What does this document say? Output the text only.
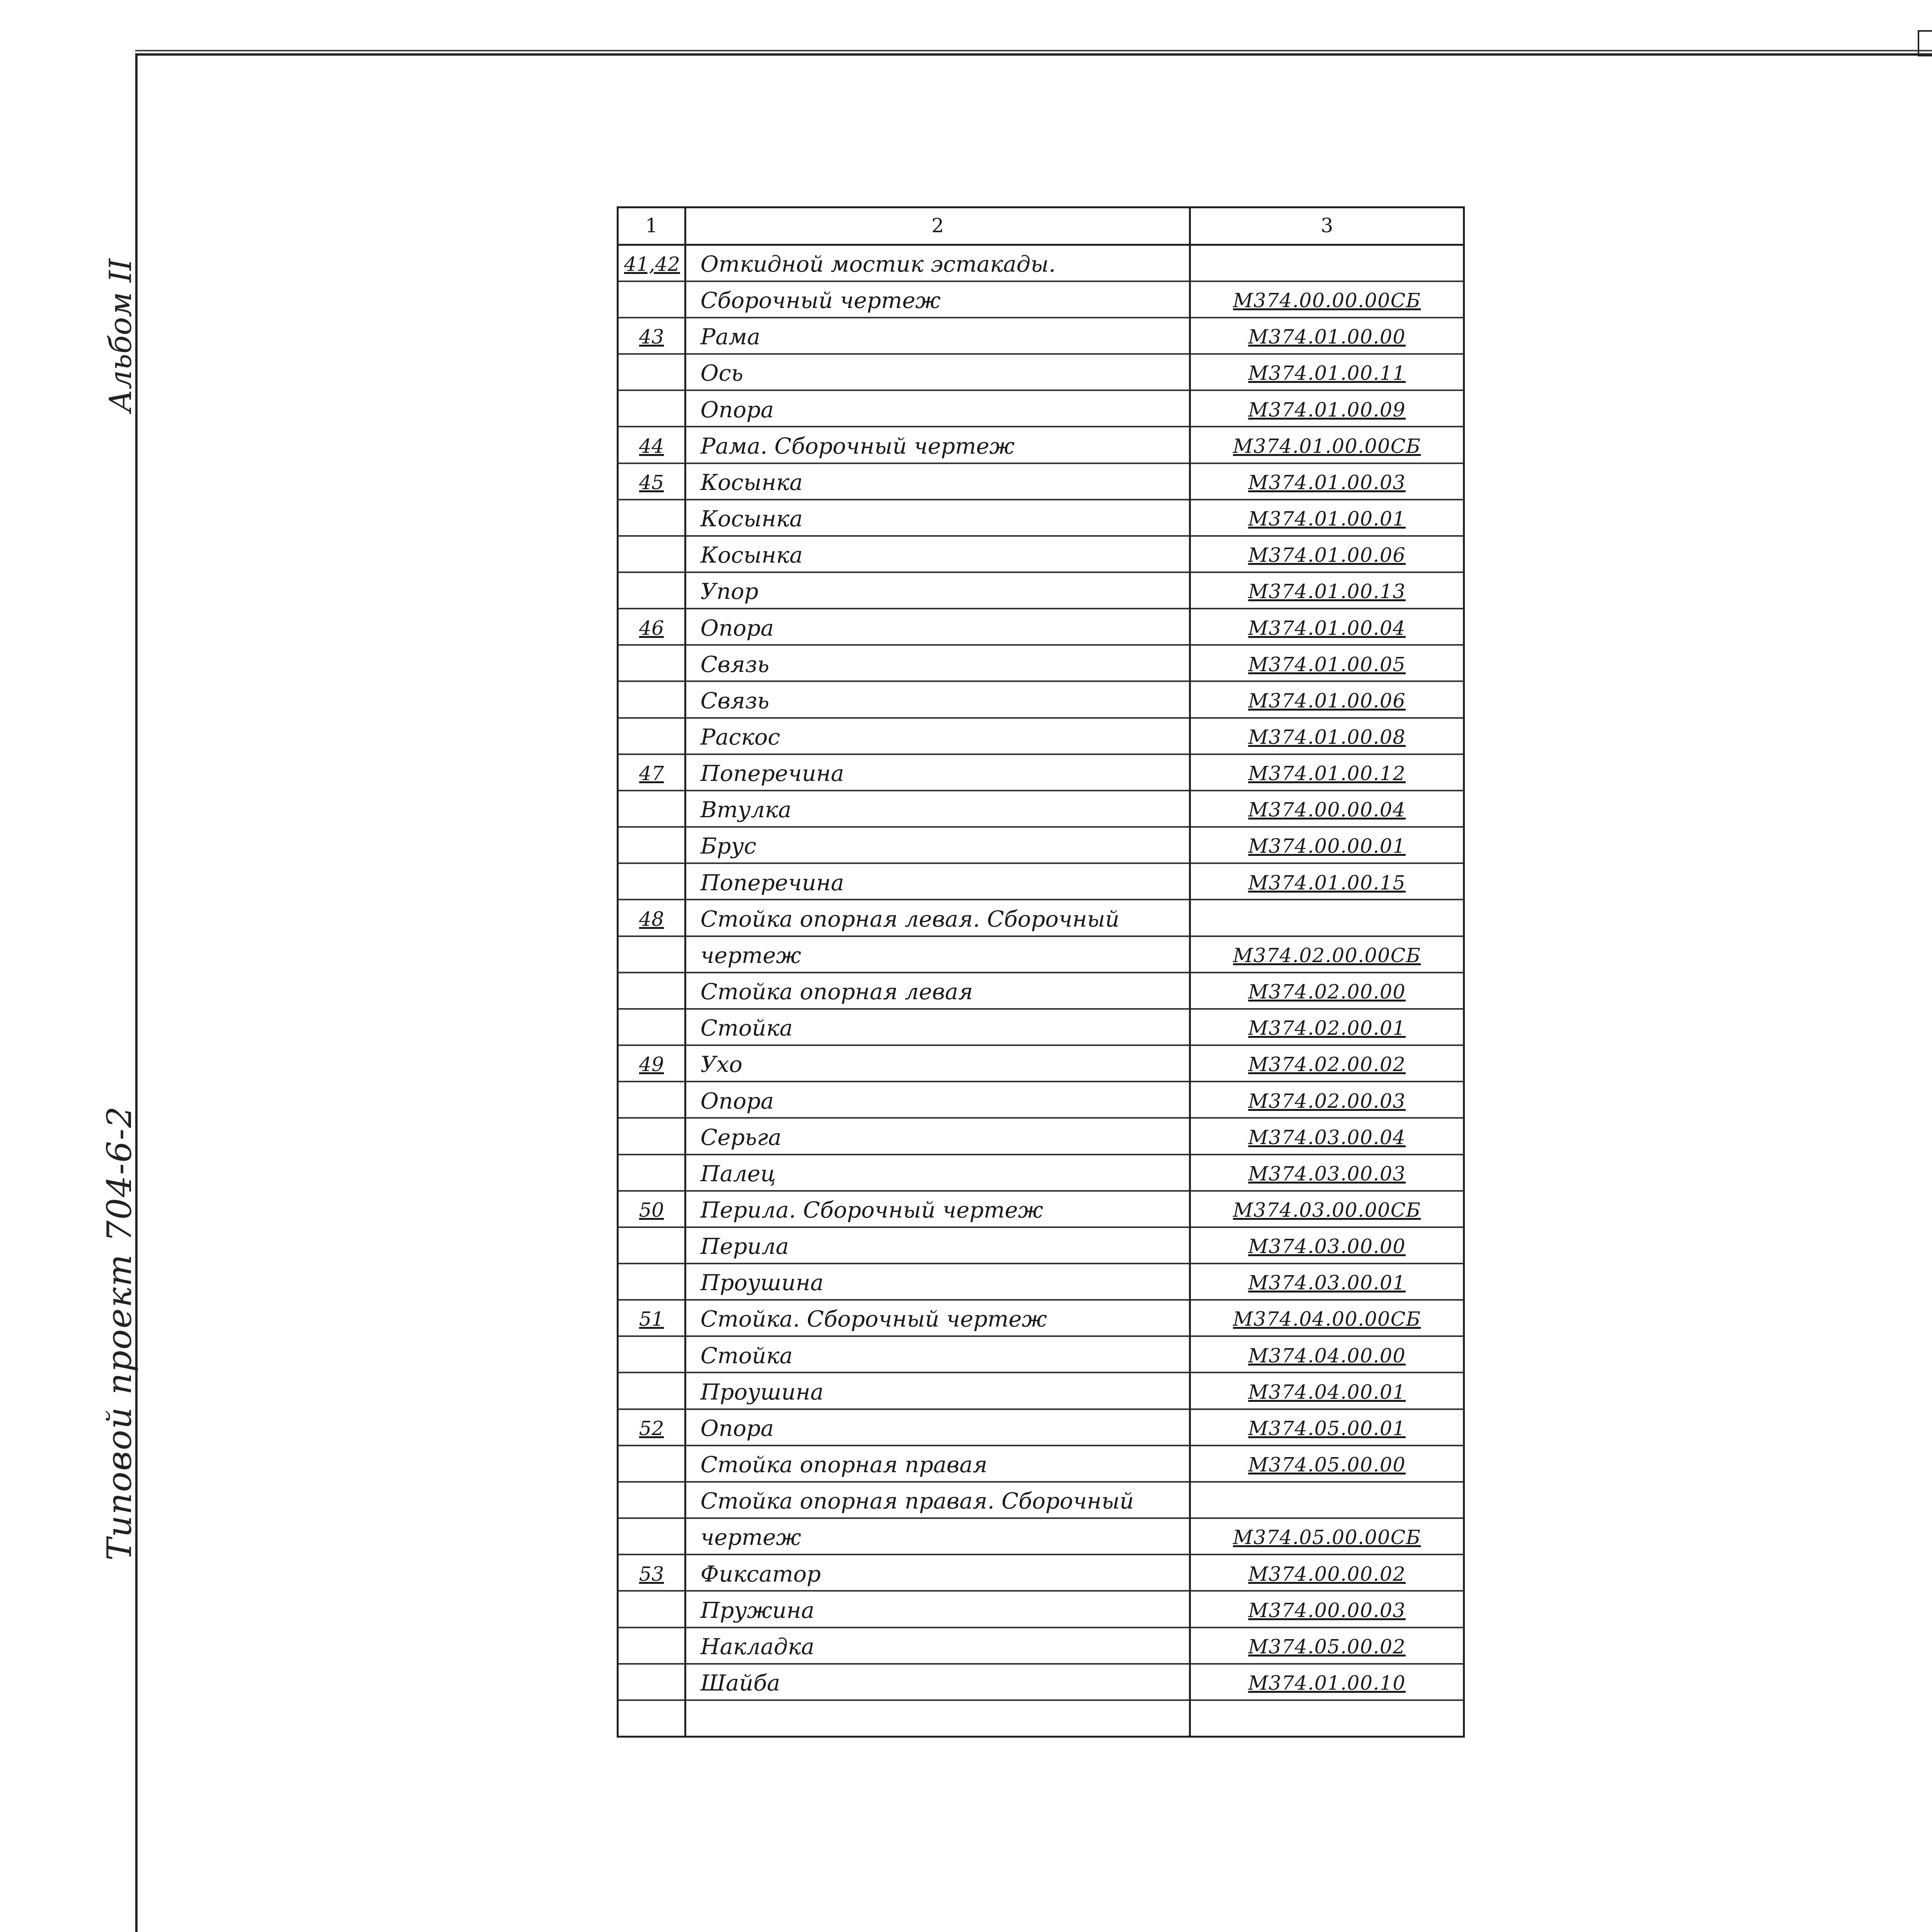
Альбом II
Типовой проект 704-6-2
1	2	3
41,42	Откидной мостик эстакады.	
	Сборочный чертеж	М374.00.00.00СБ
43	Рама	М374.01.00.00
	Ось	М374.01.00.11
	Опора	М374.01.00.09
44	Рама. Сборочный чертеж	М374.01.00.00СБ
45	Косынка	М374.01.00.03
	Косынка	М374.01.00.01
	Косынка	М374.01.00.06
	Упор	М374.01.00.13
46	Опора	М374.01.00.04
	Связь	М374.01.00.05
	Связь	М374.01.00.06
	Раскос	М374.01.00.08
47	Поперечина	М374.01.00.12
	Втулка	М374.00.00.04
	Брус	М374.00.00.01
	Поперечина	М374.01.00.15
48	Стойка опорная левая. Сборочный	
	чертеж	М374.02.00.00СБ
	Стойка опорная левая	М374.02.00.00
	Стойка	М374.02.00.01
49	Ухо	М374.02.00.02
	Опора	М374.02.00.03
	Серьга	М374.03.00.04
	Палец	М374.03.00.03
50	Перила. Сборочный чертеж	М374.03.00.00СБ
	Перила	М374.03.00.00
	Проушина	М374.03.00.01
51	Стойка. Сборочный чертеж	М374.04.00.00СБ
	Стойка	М374.04.00.00
	Проушина	М374.04.00.01
52	Опора	М374.05.00.01
	Стойка опорная правая	М374.05.00.00
	Стойка опорная правая. Сборочный	
	чертеж	М374.05.00.00СБ
53	Фиксатор	М374.00.00.02
	Пружина	М374.00.00.03
	Накладка	М374.05.00.02
	Шайба	М374.01.00.10
